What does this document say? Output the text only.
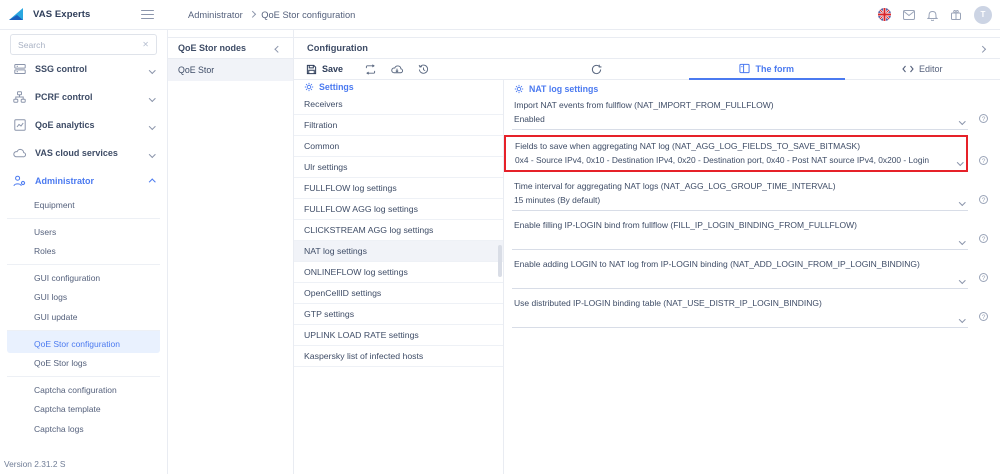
VAS Experts	Administrator QoE Stor configuration	T
Search
✕
SSG control
PCRF control
QoE analytics
VAS cloud services
Administrator
Equipment
Users
Roles
GUI configuration
GUI logs
GUI update
QoE Stor configuration
QoE Stor logs
Captcha configuration
Captcha template
Captcha logs
Version 2.31.2 S
QoE Stor nodes
QoE Stor
Configuration
Save	The form	Editor
Settings
Receivers
Filtration
Common
Ulr settings
FULLFLOW log settings
FULLFLOW AGG log settings
CLICKSTREAM AGG log settings
NAT log settings
ONLINEFLOW log settings
OpenCellID settings
GTP settings
UPLINK LOAD RATE settings
Kaspersky list of infected hosts
NAT log settings
Import NAT events from fullflow (NAT_IMPORT_FROM_FULLFLOW)
Enabled	?
Fields to save when aggregating NAT log (NAT_AGG_LOG_FIELDS_TO_SAVE_BITMASK)
0x4 - Source IPv4, 0x10 - Destination IPv4, 0x20 - Destination port, 0x40 - Post NAT source IPv4, 0x200 - Login	?
Time interval for aggregating NAT logs (NAT_AGG_LOG_GROUP_TIME_INTERVAL)
15 minutes (By default)	?
Enable filling IP-LOGIN bind from fullflow (FILL_IP_LOGIN_BINDING_FROM_FULLFLOW)
?
Enable adding LOGIN to NAT log from IP-LOGIN binding (NAT_ADD_LOGIN_FROM_IP_LOGIN_BINDING)
?
Use distributed IP-LOGIN binding table (NAT_USE_DISTR_IP_LOGIN_BINDING)
?
